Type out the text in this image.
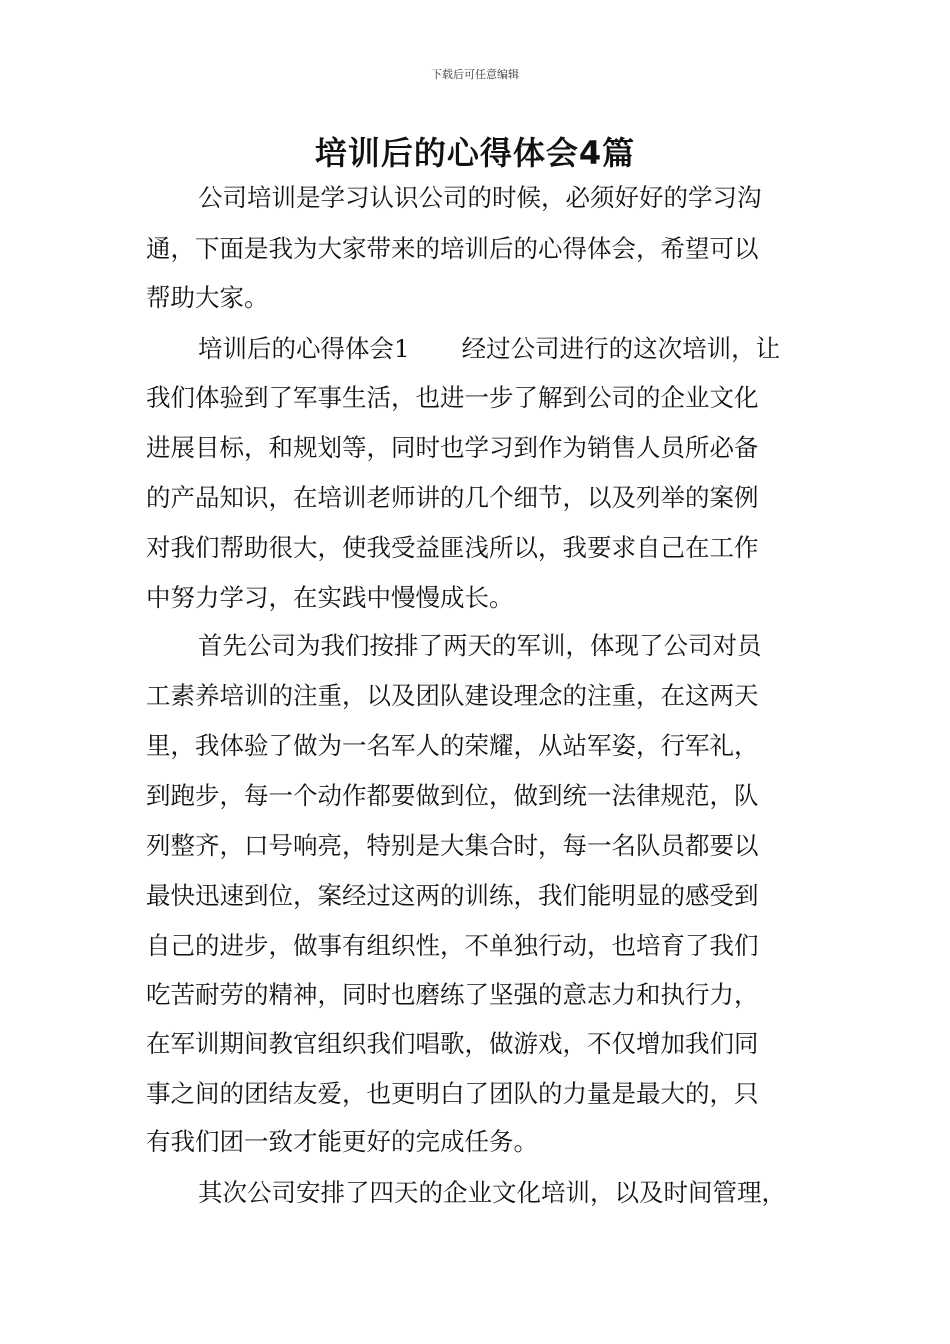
下载后可任意编辑
培训后的心得体会4篇
公司培训是学习认识公司的时候，必须好好的学习沟
通，下面是我为大家带来的培训后的心得体会，希望可以
帮助大家。
培训后的心得体会1 经过公司进行的这次培训，让
我们体验到了军事生活，也进一步了解到公司的企业文化
进展目标，和规划等，同时也学习到作为销售人员所必备
的产品知识，在培训老师讲的几个细节，以及列举的案例
对我们帮助很大，使我受益匪浅所以，我要求自己在工作
中努力学习，在实践中慢慢成长。
首先公司为我们按排了两天的军训，体现了公司对员
工素养培训的注重，以及团队建设理念的注重，在这两天
里，我体验了做为一名军人的荣耀，从站军姿，行军礼，
到跑步，每一个动作都要做到位，做到统一法律规范，队
列整齐，口号响亮，特别是大集合时，每一名队员都要以
最快迅速到位，案经过这两的训练，我们能明显的感受到
自己的进步，做事有组织性，不单独行动，也培育了我们
吃苦耐劳的精神，同时也磨练了坚强的意志力和执行力，
在军训期间教官组织我们唱歌，做游戏，不仅增加我们同
事之间的团结友爱，也更明白了团队的力量是最大的，只
有我们团一致才能更好的完成任务。
其次公司安排了四天的企业文化培训，以及时间管理，
